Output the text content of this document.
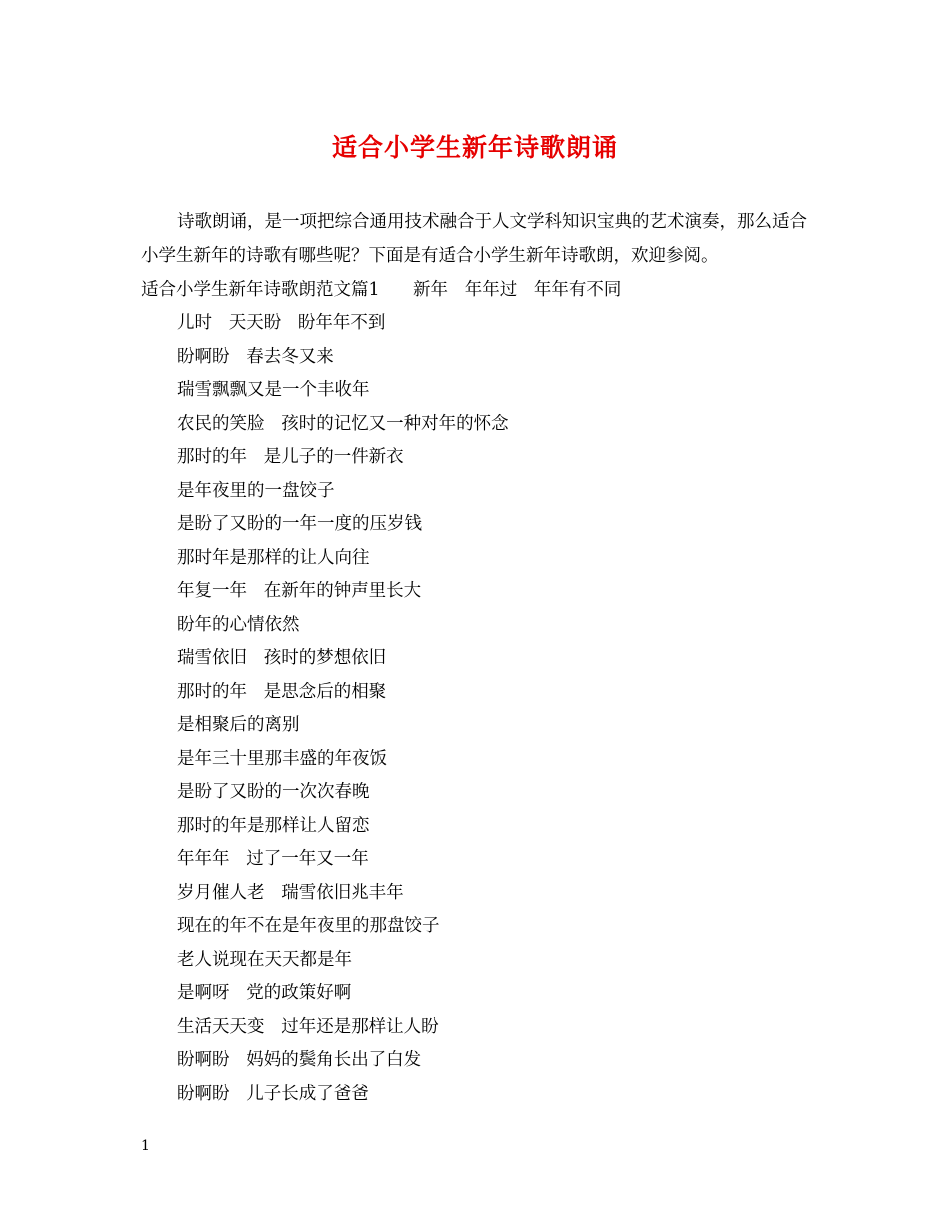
适合小学生新年诗歌朗诵

诗歌朗诵，是一项把综合通用技术融合于人文学科知识宝典的艺术演奏，那么适合小学生新年的诗歌有哪些呢？下面是有适合小学生新年诗歌朗，欢迎参阅。

适合小学生新年诗歌朗范文篇1      新年   年年过   年年有不同
儿时   天天盼   盼年年不到
盼啊盼   春去冬又来
瑞雪飘飘又是一个丰收年
农民的笑脸   孩时的记忆又一种对年的怀念
那时的年   是儿子的一件新衣
是年夜里的一盘饺子
是盼了又盼的一年一度的压岁钱
那时年是那样的让人向往
年复一年   在新年的钟声里长大
盼年的心情依然
瑞雪依旧   孩时的梦想依旧
那时的年   是思念后的相聚
是相聚后的离别
是年三十里那丰盛的年夜饭
是盼了又盼的一次次春晚
那时的年是那样让人留恋
年年年   过了一年又一年
岁月催人老   瑞雪依旧兆丰年
现在的年不在是年夜里的那盘饺子
老人说现在天天都是年
是啊呀   党的政策好啊
生活天天变   过年还是那样让人盼
盼啊盼   妈妈的鬓角长出了白发
盼啊盼   儿子长成了爸爸
1
